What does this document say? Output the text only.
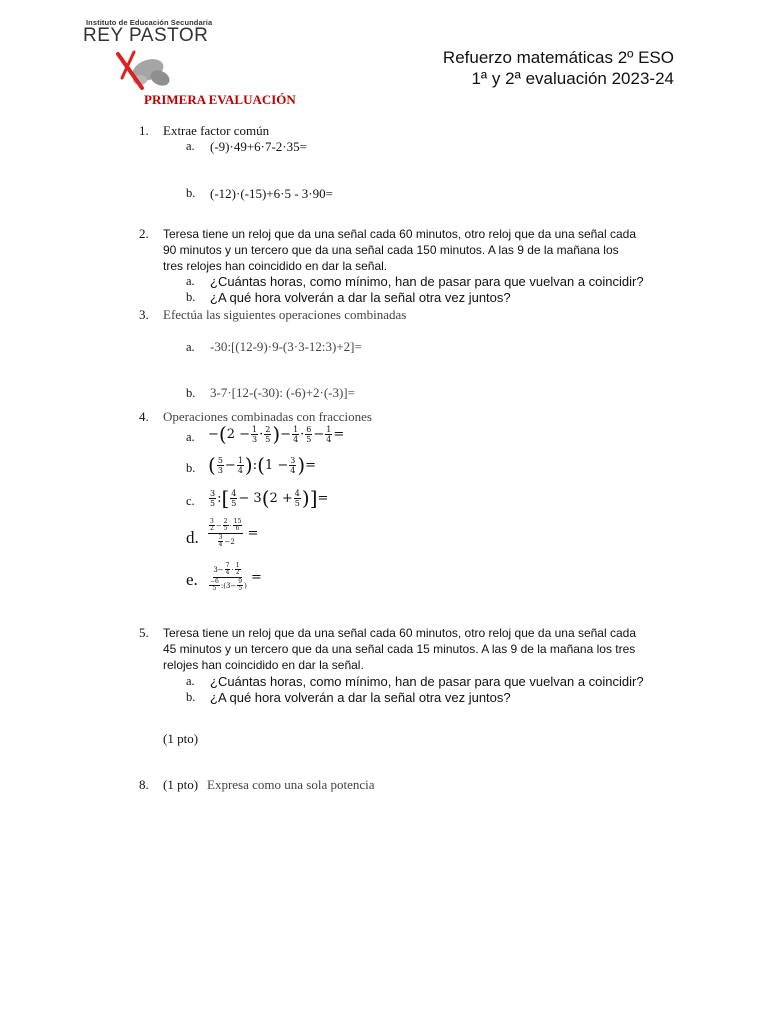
Instituto de Educación Secundaria
REY PASTOR
Refuerzo matemáticas 2º ESO
1ª y 2ª evaluación 2023-24
PRIMERA EVALUACIÓN
1. Extrae factor común
a. (-9)·49+6·7-2·35=
b. (-12)·(-15)+6·5 - 3·90=
2. Teresa tiene un reloj que da una señal cada 60 minutos, otro reloj que da una señal cada
90 minutos y un tercero que da una señal cada 150 minutos. A las 9 de la mañana los
tres relojes han coincidido en dar la señal.
a. ¿Cuántas horas, como mínimo, han de pasar para que vuelvan a coincidir?
b. ¿A qué hora volverán a dar la señal otra vez juntos?
3. Efectúa las siguientes operaciones combinadas
a. -30:[(12-9)·9-(3·3-12:3)+2]=
b. 3-7·[12-(-30): (-6)+2·(-3)]=
4. Operaciones combinadas con fracciones
a. − ( $2 - \frac{1}{3} \cdot \frac{2}{5}$ ) − $\frac{1}{4} \cdot \frac{6}{5} - \frac{1}{4}$ =
b. ( $\frac{5}{3} - \frac{1}{4}$ ) : ( $1 - \frac{3}{4}$ ) =
c. $\frac{3}{5}$ : [ $\frac{4}{5} - 3$ ( $2 + \frac{4}{5}$ ) ] =
d.
$\frac{3}{2} - \frac{2}{5} \cdot \frac{15}{6}$
$\frac{3}{4} -2$
=
e.
$3- \frac{7}{4} \cdot \frac{1}{2}$
$\frac{-6}{5}$ :(3− $\frac{9}{5}$ )
=
5. Teresa tiene un reloj que da una señal cada 60 minutos, otro reloj que da una señal cada
45 minutos y un tercero que da una señal cada 15 minutos. A las 9 de la mañana los tres
relojes han coincidido en dar la señal.
a. ¿Cuántas horas, como mínimo, han de pasar para que vuelvan a coincidir?
b. ¿A qué hora volverán a dar la señal otra vez juntos?
(1 pto)
8. (1 pto) Expresa como una sola potencia
